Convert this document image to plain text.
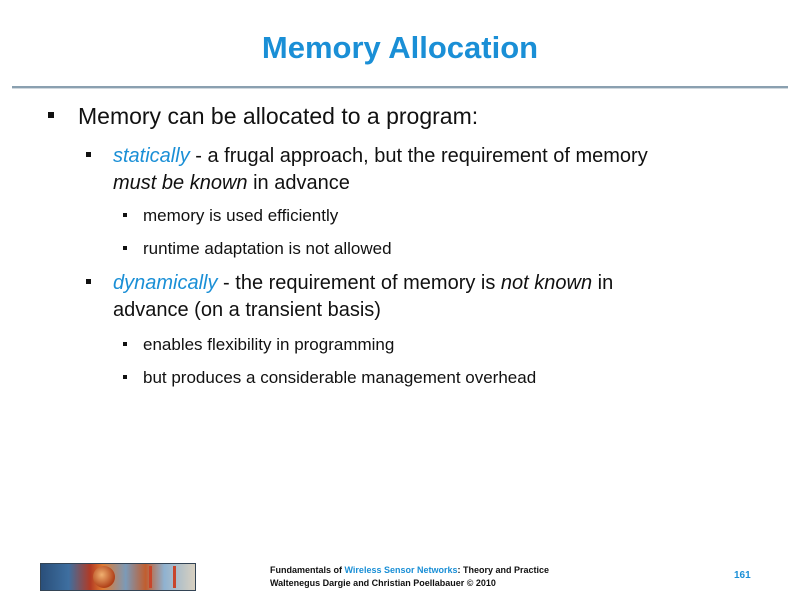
Memory Allocation
Memory can be allocated to a program:
statically - a frugal approach, but the requirement of memory
must be known in advance
memory is used efficiently
runtime adaptation is not allowed
dynamically - the requirement of memory is not known in
advance (on a transient basis)
enables flexibility in programming
but produces a considerable management overhead
Fundamentals of Wireless Sensor Networks: Theory and Practice
Waltenegus Dargie and Christian Poellabauer © 2010
161
